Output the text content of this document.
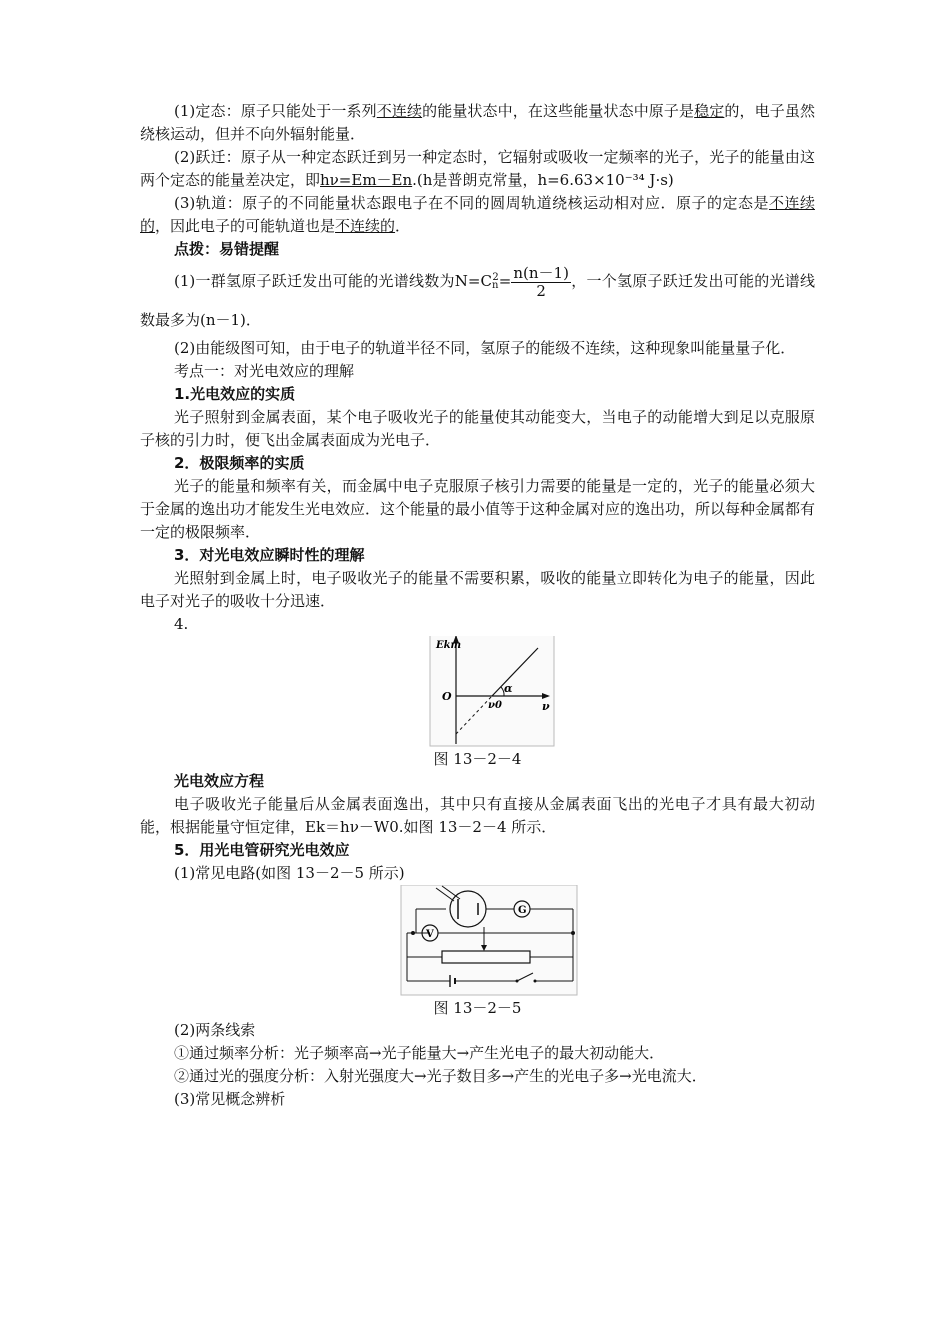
(1)定态：原子只能处于一系列不连续的能量状态中，在这些能量状态中原子是稳定的，电子虽然绕核运动，但并不向外辐射能量．

(2)跃迁：原子从一种定态跃迁到另一种定态时，它辐射或吸收一定频率的光子，光子的能量由这两个定态的能量差决定，即hν=Em－En.(h是普朗克常量，h=6.63×10⁻³⁴ J·s)

(3)轨道：原子的不同能量状态跟电子在不同的圆周轨道绕核运动相对应．原子的定态是不连续的，因此电子的可能轨道也是不连续的．

点拨：易错提醒

(1)一群氢原子跃迁发出可能的光谱线数为$N=C_n^2= \frac{n(n-1)}{2}$ ，一个氢原子跃迁发出可能的光谱线数最多为(n－1)．

(2)由能级图可知，由于电子的轨道半径不同，氢原子的能级不连续，这种现象叫能量量子化．

考点一：对光电效应的理解

1.光电效应的实质

光子照射到金属表面，某个电子吸收光子的能量使其动能变大，当电子的动能增大到足以克服原子核的引力时，便飞出金属表面成为光电子．

2．极限频率的实质

光子的能量和频率有关，而金属中电子克服原子核引力需要的能量是一定的，光子的能量必须大于金属的逸出功才能发生光电效应．这个能量的最小值等于这种金属对应的逸出功，所以每种金属都有一定的极限频率．

3．对光电效应瞬时性的理解

光照射到金属上时，电子吸收光子的能量不需要积累，吸收的能量立即转化为电子的能量，因此电子对光子的吸收十分迅速．

4.

Ekm
O
ν0	ν
α

图 13－2－4

光电效应方程

电子吸收光子能量后从金属表面逸出，其中只有直接从金属表面飞出的光电子才具有最大初动能，根据能量守恒定律，Ek＝hν－W0.如图 13－2－4 所示．

5．用光电管研究光电效应

(1)常见电路(如图 13－2－5 所示)

G
V

图 13－2－5

(2)两条线索

①通过频率分析：光子频率高→光子能量大→产生光电子的最大初动能大．

②通过光的强度分析：入射光强度大→光子数目多→产生的光电子多→光电流大．

(3)常见概念辨析
